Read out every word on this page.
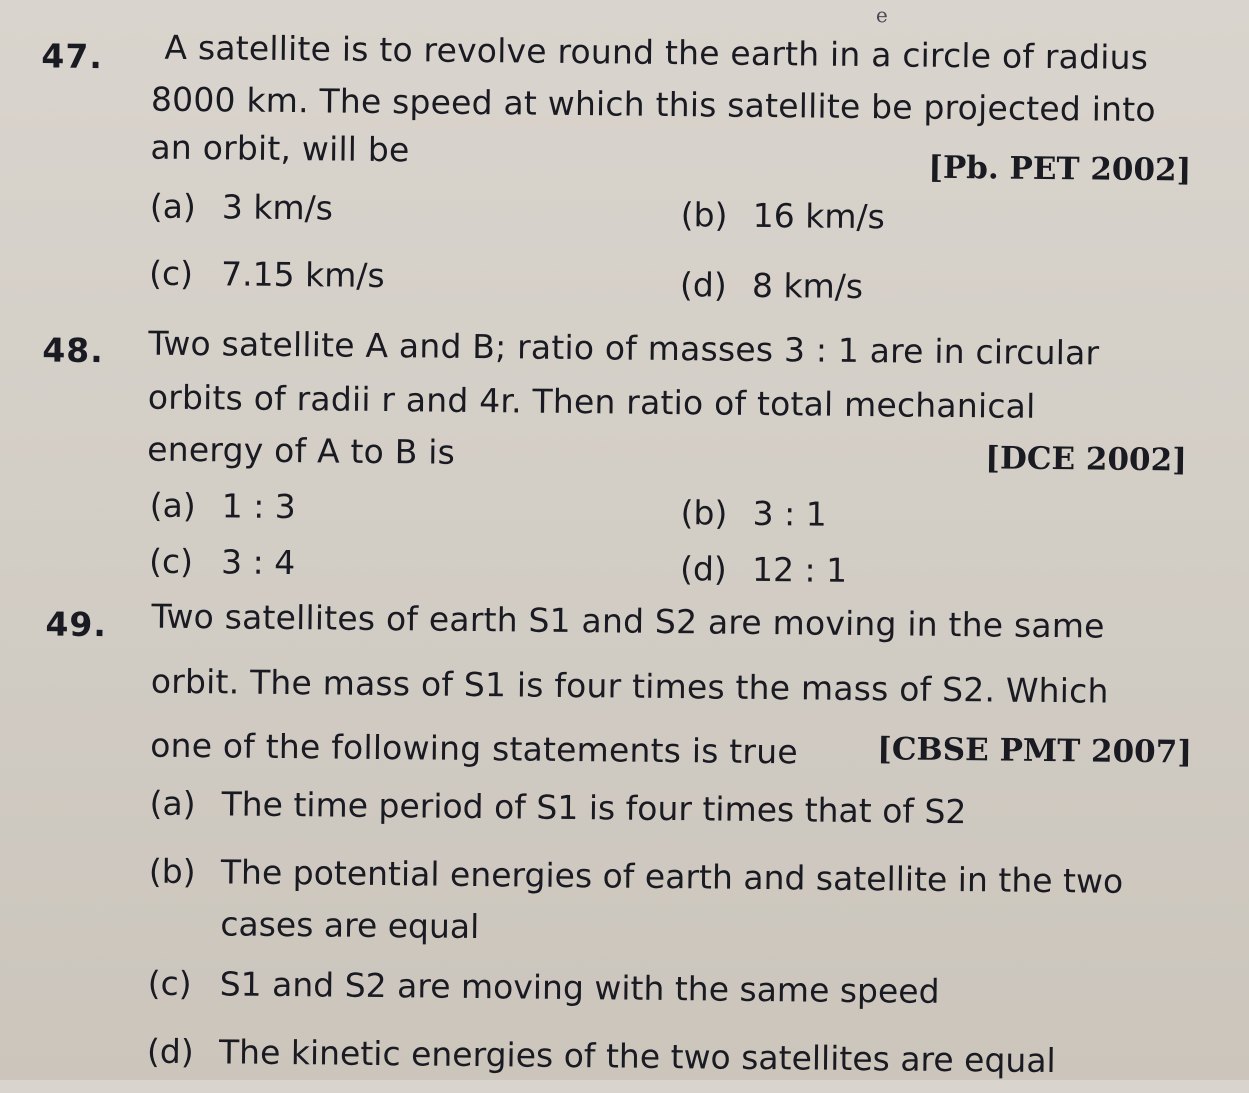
e
47. A satellite is to revolve round the earth in a circle of radius
8000 km. The speed at which this satellite be projected into
an orbit, will be	[Pb. PET 2002]
(a) 3 km/s	(b) 16 km/s
(c) 7.15 km/s	(d) 8 km/s
48. Two satellite A and B; ratio of masses 3 : 1 are in circular
orbits of radii r and 4r. Then ratio of total mechanical
energy of A to B is	[DCE 2002]
(a) 1 : 3	(b) 3 : 1
(c) 3 : 4	(d) 12 : 1
49. Two satellites of earth S1 and S2 are moving in the same
orbit. The mass of S1 is four times the mass of S2. Which
one of the following statements is true	[CBSE PMT 2007]
(a) The time period of S1 is four times that of S2
(b) The potential energies of earth and satellite in the two
cases are equal
(c) S1 and S2 are moving with the same speed
(d) The kinetic energies of the two satellites are equal
